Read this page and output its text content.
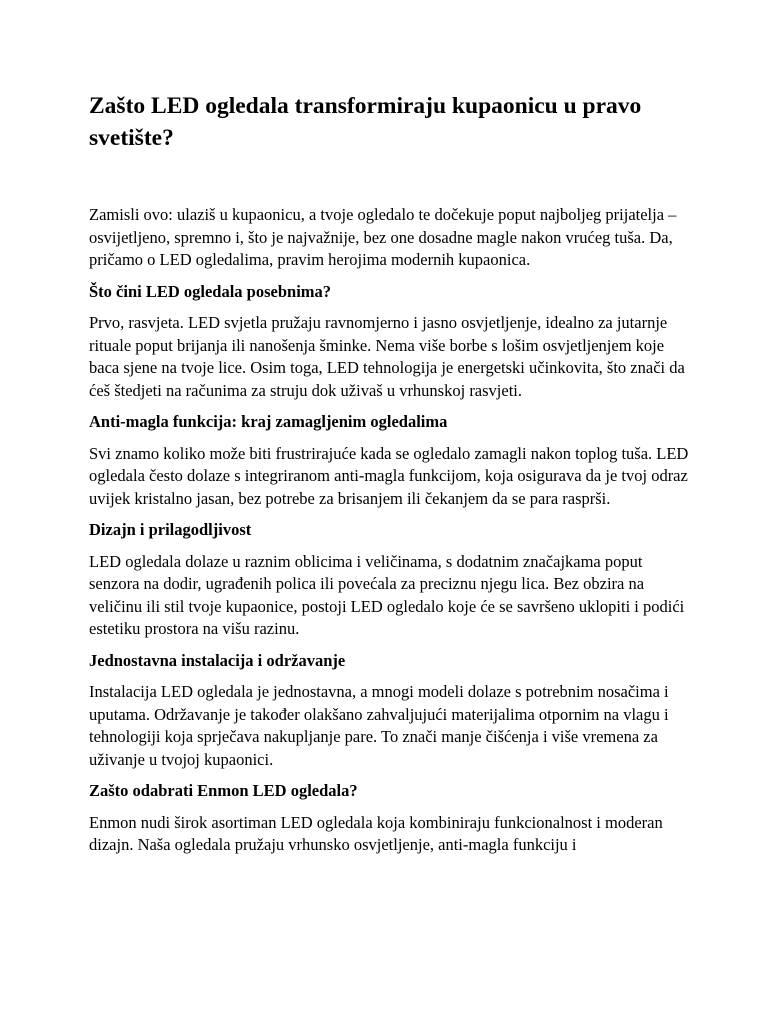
Zašto LED ogledala transformiraju kupaonicu u pravo svetište?

Zamisli ovo: ulaziš u kupaonicu, a tvoje ogledalo te dočekuje poput najboljeg prijatelja – osvijetljeno, spremno i, što je najvažnije, bez one dosadne magle nakon vrućeg tuša. Da, pričamo o LED ogledalima, pravim herojima modernih kupaonica.

Što čini LED ogledala posebnima?

Prvo, rasvjeta. LED svjetla pružaju ravnomjerno i jasno osvjetljenje, idealno za jutarnje rituale poput brijanja ili nanošenja šminke. Nema više borbe s lošim osvjetljenjem koje baca sjene na tvoje lice. Osim toga, LED tehnologija je energetski učinkovita, što znači da ćeš štedjeti na računima za struju dok uživaš u vrhunskoj rasvjeti.

Anti-magla funkcija: kraj zamagljenim ogledalima

Svi znamo koliko može biti frustrirajuće kada se ogledalo zamagli nakon toplog tuša. LED ogledala često dolaze s integriranom anti-magla funkcijom, koja osigurava da je tvoj odraz uvijek kristalno jasan, bez potrebe za brisanjem ili čekanjem da se para rasprši.

Dizajn i prilagodljivost

LED ogledala dolaze u raznim oblicima i veličinama, s dodatnim značajkama poput senzora na dodir, ugrađenih polica ili povećala za preciznu njegu lica. Bez obzira na veličinu ili stil tvoje kupaonice, postoji LED ogledalo koje će se savršeno uklopiti i podići estetiku prostora na višu razinu.

Jednostavna instalacija i održavanje

Instalacija LED ogledala je jednostavna, a mnogi modeli dolaze s potrebnim nosačima i uputama. Održavanje je također olakšano zahvaljujući materijalima otpornim na vlagu i tehnologiji koja sprječava nakupljanje pare. To znači manje čišćenja i više vremena za uživanje u tvojoj kupaonici.

Zašto odabrati Enmon LED ogledala?

Enmon nudi širok asortiman LED ogledala koja kombiniraju funkcionalnost i moderan dizajn. Naša ogledala pružaju vrhunsko osvjetljenje, anti-magla funkciju i
